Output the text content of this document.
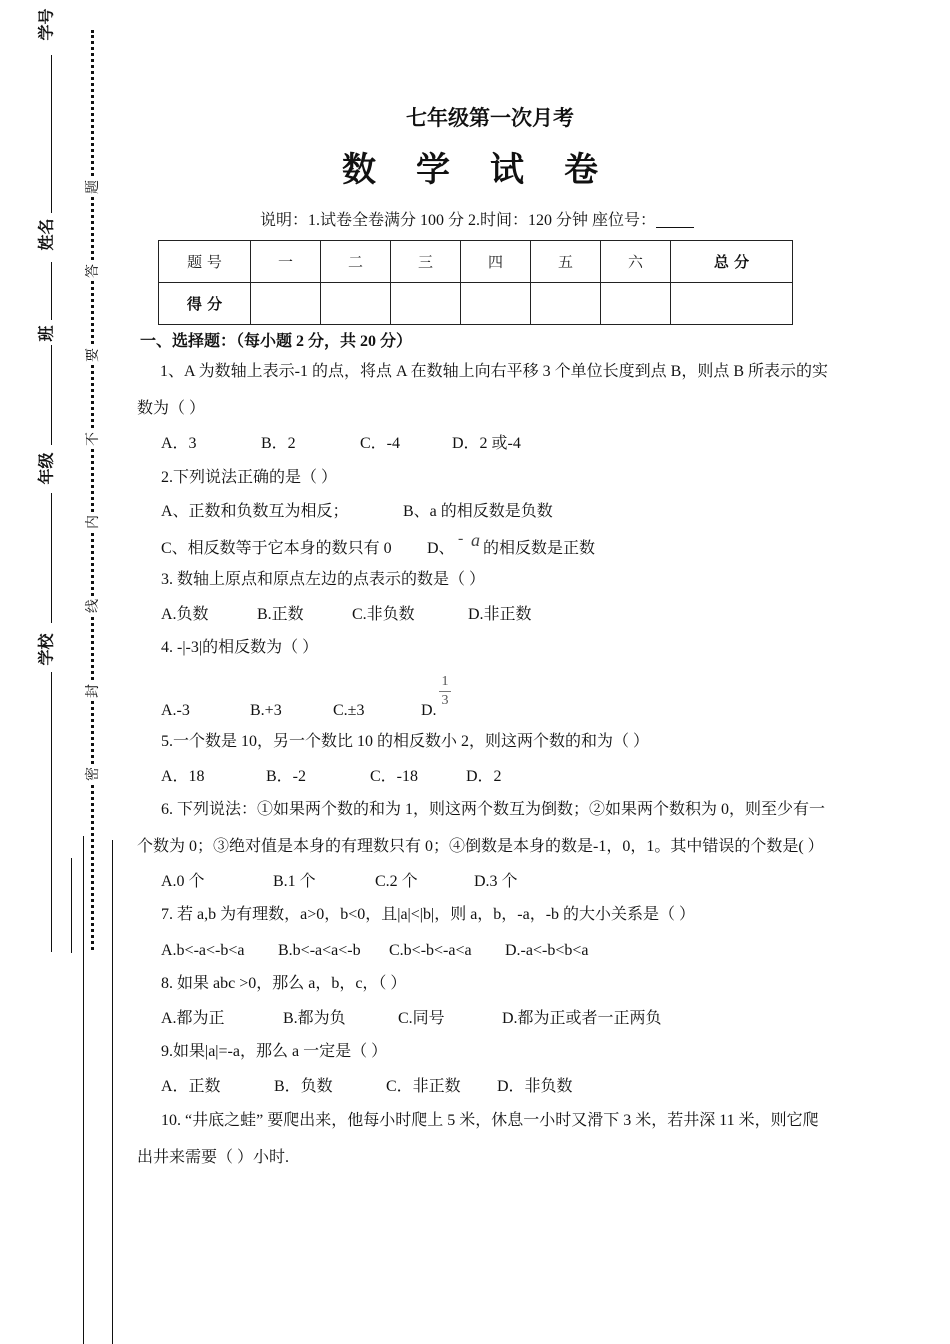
学号
姓名
班
年级
学校
题
答
要
不
内
线
封
密
七年级第一次月考
数学试卷
说明：1.试卷全卷满分 100 分 2.时间：120 分钟 座位号：
题 号	一	二	三	四	五	六	总 分
得 分							
一、选择题：（每小题 2 分，共 20 分）
1、A 为数轴上表示-1 的点，将点 A 在数轴上向右平移 3 个单位长度到点 B，则点 B 所表示的实
数为（ ）
A．3	B．2	C．-4	D．2 或-4
2.下列说法正确的是（ ）
A、正数和负数互为相反；	B、a 的相反数是负数
C、相反数等于它本身的数只有 0 D、
- a 的相反数是正数
3. 数轴上原点和原点左边的点表示的数是（ ）
A.负数	B.正数	C.非负数	D.非正数
4. -|-3|的相反数为（ ）
A.-3	B.+3	C.±3	D.
1
3
5.一个数是 10，另一个数比 10 的相反数小 2，则这两个数的和为（ ）
A．18	B．-2	C．-18	D．2
6. 下列说法：①如果两个数的和为 1，则这两个数互为倒数；②如果两个数积为 0，则至少有一
个数为 0；③绝对值是本身的有理数只有 0；④倒数是本身的数是-1，0，1。其中错误的个数是( ）
A.0 个	B.1 个	C.2 个	D.3 个
7. 若 a,b 为有理数，a>0，b<0，且|a|<|b|，则 a，b，-a，-b 的大小关系是（ ）
A.b<-a<-b<a B.b<-a<a<-b C.b<-b<-a<a D.-a<-b<b<a
8. 如果 abc >0，那么 a，b，c，（ ）
A.都为正	B.都为负	C.同号	D.都为正或者一正两负
9.如果|a|=-a，那么 a 一定是（ ）
A．正数	B．负数	C．非正数 D．非负数
10. “井底之蛙” 要爬出来，他每小时爬上 5 米，休息一小时又滑下 3 米，若井深 11 米，则它爬
出井来需要（ ）小时.
